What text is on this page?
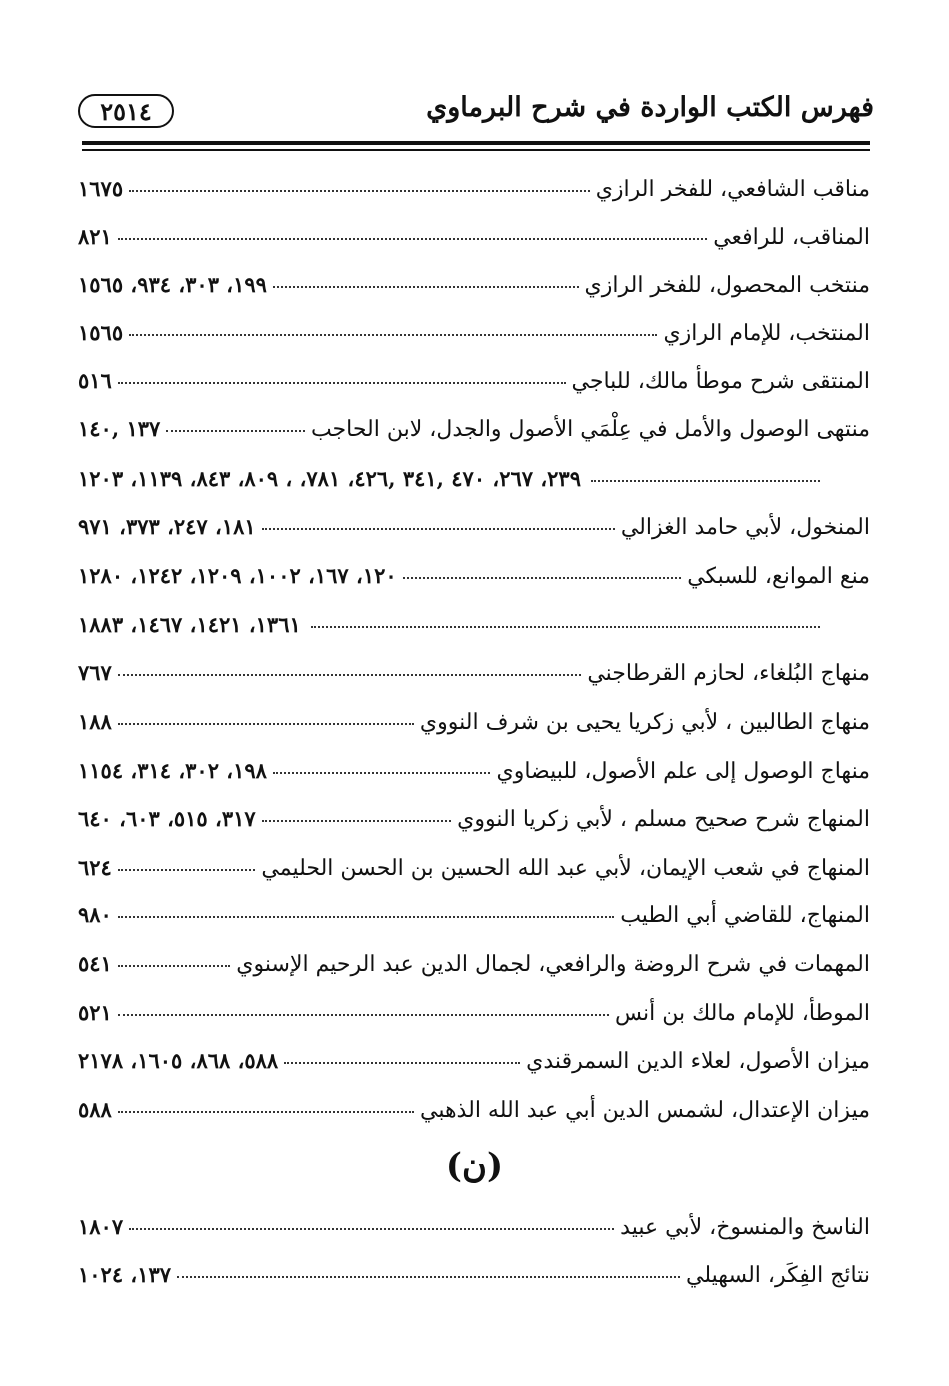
فهرس الكتب الواردة في شرح البرماوي
٢٥١٤
مناقب الشافعي، للفخر الرازي
١٦٧٥
المناقب، للرافعي
٨٢١
منتخب المحصول، للفخر الرازي
١٩٩، ٣٠٣، ٩٣٤، ١٥٦٥
المنتخب، للإمام الرازي
١٥٦٥
المنتقى شرح موطأ مالك، للباجي
٥١٦
منتهى الوصول والأمل في عِلْمَي الأصول والجدل، لابن الحاجب
١٣٧ ,١٤٠
٢٣٩، ٢٦٧، ٤٧٠ ,٣٤١ ,٤٢٦، ٧٨١، ، ٨٠٩، ٨٤٣، ١١٣٩، ١٢٠٣
المنخول، لأبي حامد الغزالي
١٨١، ٢٤٧، ٣٧٣، ٩٧١
منع الموانع، للسبكي
١٢٠، ١٦٧، ١٠٠٢، ١٢٠٩، ١٢٤٢، ١٢٨٠
١٣٦١، ١٤٢١، ١٤٦٧، ١٨٨٣
منهاج البُلغاء، لحازم القرطاجني
٧٦٧
منهاج الطالبين ، لأبي زكريا يحيى بن شرف النووي
١٨٨
منهاج الوصول إلى علم الأصول، للبيضاوي
١٩٨، ٣٠٢، ٣١٤، ١١٥٤
المنهاج شرح صحيح مسلم ، لأبي زكريا النووي
٣١٧، ٥١٥، ٦٠٣، ٦٤٠
المنهاج في شعب الإيمان، لأبي عبد الله الحسين بن الحسن الحليمي
٦٢٤
المنهاج، للقاضي أبي الطيب
٩٨٠
المهمات في شرح الروضة والرافعي، لجمال الدين عبد الرحيم الإسنوي
٥٤١
الموطأ، للإمام مالك بن أنس
٥٢١
ميزان الأصول، لعلاء الدين السمرقندي
٥٨٨، ٨٦٨، ١٦٠٥، ٢١٧٨
ميزان الإعتدال، لشمس الدين أبي عبد الله الذهبي
٥٨٨
الناسخ والمنسوخ، لأبي عبيد
١٨٠٧
نتائج الفِكَر، السهيلي
١٣٧، ١٠٢٤
(ن)
